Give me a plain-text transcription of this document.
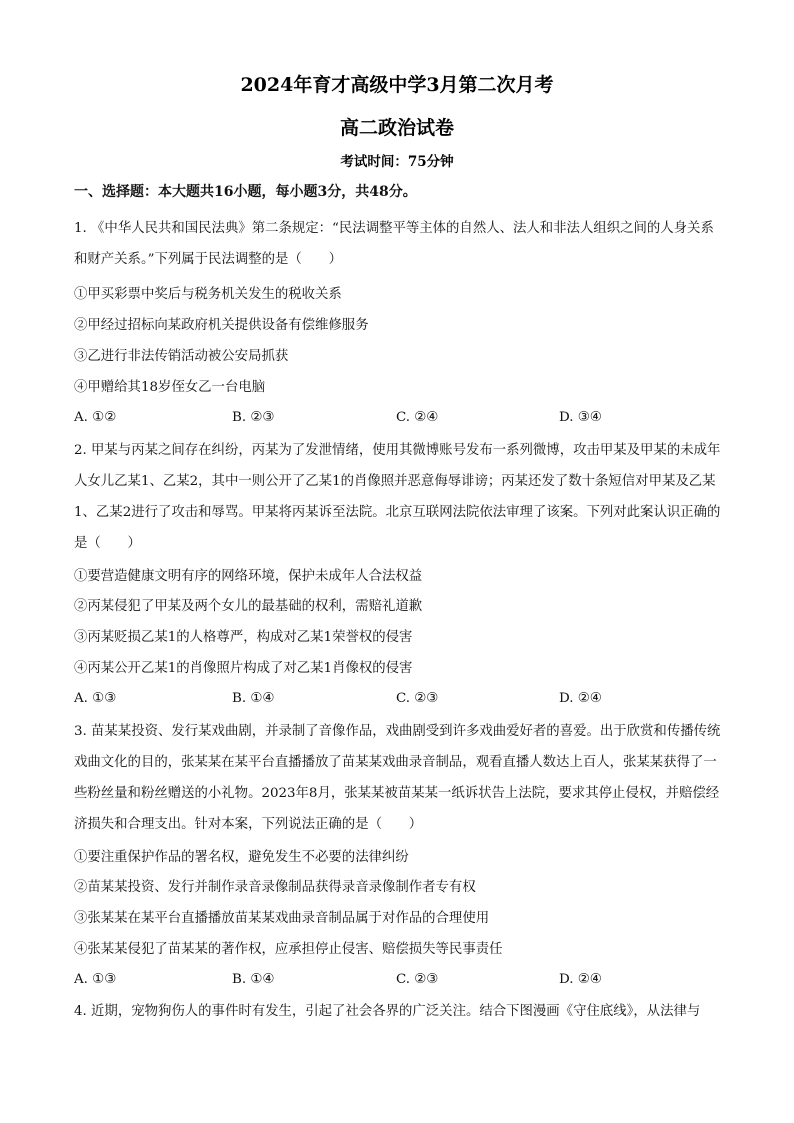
2024年育才高级中学3月第二次月考
高二政治试卷
考试时间：75分钟
一、选择题：本大题共16小题，每小题3分，共48分。
1. 《中华人民共和国民法典》第二条规定：“民法调整平等主体的自然人、法人和非法人组织之间的人身关系和财产关系。”下列属于民法调整的是（　　）
①甲买彩票中奖后与税务机关发生的税收关系
②甲经过招标向某政府机关提供设备有偿维修服务
③乙进行非法传销活动被公安局抓获
④甲赠给其18岁侄女乙一台电脑
A. ①②	B. ②③	C. ②④	D. ③④
2. 甲某与丙某之间存在纠纷，丙某为了发泄情绪，使用其微博账号发布一系列微博，攻击甲某及甲某的未成年人女儿乙某1、乙某2，其中一则公开了乙某1的肖像照并恶意侮辱诽谤；丙某还发了数十条短信对甲某及乙某1、乙某2进行了攻击和辱骂。甲某将丙某诉至法院。北京互联网法院依法审理了该案。下列对此案认识正确的是（　　）
①要营造健康文明有序的网络环境，保护未成年人合法权益
②丙某侵犯了甲某及两个女儿的最基础的权利，需赔礼道歉
③丙某贬损乙某1的人格尊严，构成对乙某1荣誉权的侵害
④丙某公开乙某1的肖像照片构成了对乙某1肖像权的侵害
A. ①③	B. ①④	C. ②③	D. ②④
3. 苗某某投资、发行某戏曲剧，并录制了音像作品，戏曲剧受到许多戏曲爱好者的喜爱。出于欣赏和传播传统戏曲文化的目的，张某某在某平台直播播放了苗某某戏曲录音制品，观看直播人数达上百人，张某某获得了一些粉丝量和粉丝赠送的小礼物。2023年8月，张某某被苗某某一纸诉状告上法院，要求其停止侵权，并赔偿经济损失和合理支出。针对本案，下列说法正确的是（　　）
①要注重保护作品的署名权，避免发生不必要的法律纠纷
②苗某某投资、发行并制作录音录像制品获得录音录像制作者专有权
③张某某在某平台直播播放苗某某戏曲录音制品属于对作品的合理使用
④张某某侵犯了苗某某的著作权，应承担停止侵害、赔偿损失等民事责任
A. ①③	B. ①④	C. ②③	D. ②④
4. 近期，宠物狗伤人的事件时有发生，引起了社会各界的广泛关注。结合下图漫画《守住底线》，从法律与
